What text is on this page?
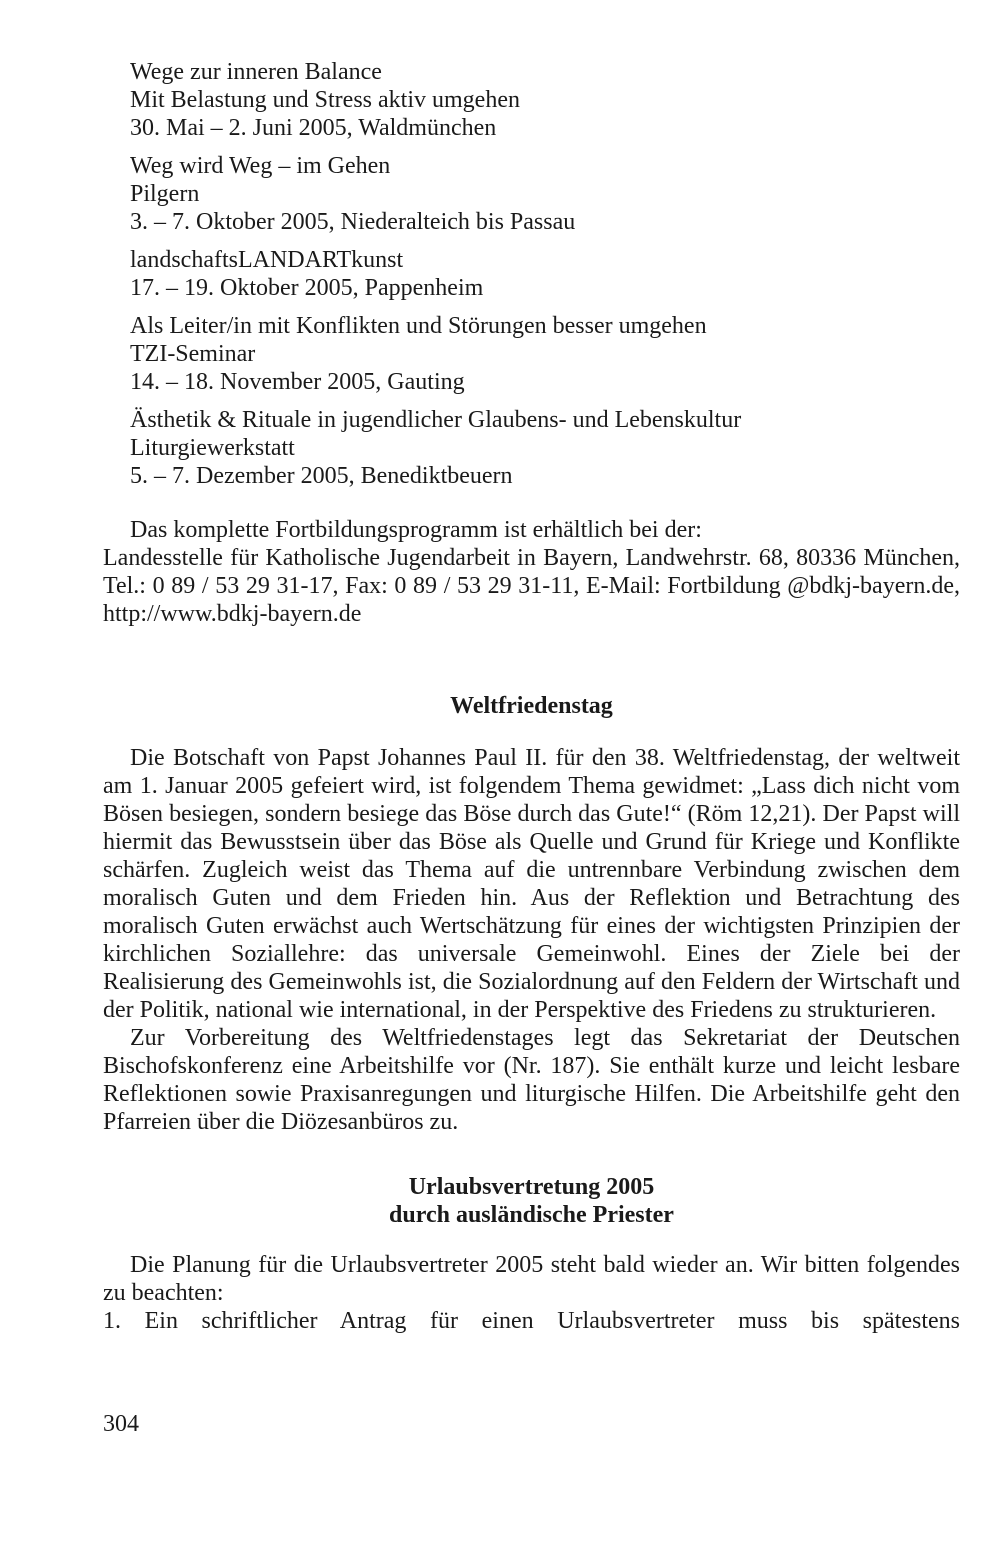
Wege zur inneren Balance
Mit Belastung und Stress aktiv umgehen
30. Mai – 2. Juni 2005, Waldmünchen
Weg wird Weg – im Gehen
Pilgern
3. – 7. Oktober 2005, Niederalteich bis Passau
landschaftsLANDARTkunst
17. – 19. Oktober 2005, Pappenheim
Als Leiter/in mit Konflikten und Störungen besser umgehen
TZI-Seminar
14. – 18. November 2005, Gauting
Ästhetik & Rituale in jugendlicher Glaubens- und Lebenskultur
Liturgiewerkstatt
5. – 7. Dezember 2005, Benediktbeuern
Das komplette Fortbildungsprogramm ist erhältlich bei der:
Landesstelle für Katholische Jugendarbeit in Bayern, Landwehrstr. 68, 80336 München, Tel.: 0 89 / 53 29 31-17, Fax: 0 89 / 53 29 31-11, E-Mail: Fortbildung @bdkj-bayern.de, http://www.bdkj-bayern.de
Weltfriedenstag

Die Botschaft von Papst Johannes Paul II. für den 38. Weltfriedenstag, der weltweit am 1. Januar 2005 gefeiert wird, ist folgendem Thema gewidmet: „Lass dich nicht vom Bösen besiegen, sondern besiege das Böse durch das Gute!“ (Röm 12,21). Der Papst will hiermit das Bewusstsein über das Böse als Quelle und Grund für Kriege und Konflikte schärfen. Zugleich weist das Thema auf die untrennbare Verbindung zwischen dem moralisch Guten und dem Frieden hin. Aus der Reflektion und Betrachtung des moralisch Guten erwächst auch Wertschätzung für eines der wichtigsten Prinzipien der kirchlichen Soziallehre: das universale Gemeinwohl. Eines der Ziele bei der Realisierung des Gemeinwohls ist, die Sozialordnung auf den Feldern der Wirtschaft und der Politik, national wie international, in der Perspektive des Friedens zu strukturieren.

Zur Vorbereitung des Weltfriedenstages legt das Sekretariat der Deutschen Bischofskonferenz eine Arbeitshilfe vor (Nr. 187). Sie enthält kurze und leicht lesbare Reflektionen sowie Praxisanregungen und liturgische Hilfen. Die Arbeitshilfe geht den Pfarreien über die Diözesanbüros zu.

Urlaubsvertretung 2005
durch ausländische Priester

Die Planung für die Urlaubsvertreter 2005 steht bald wieder an. Wir bitten folgendes zu beachten:

1. Ein schriftlicher Antrag für einen Urlaubsvertreter muss bis spätestens
304
